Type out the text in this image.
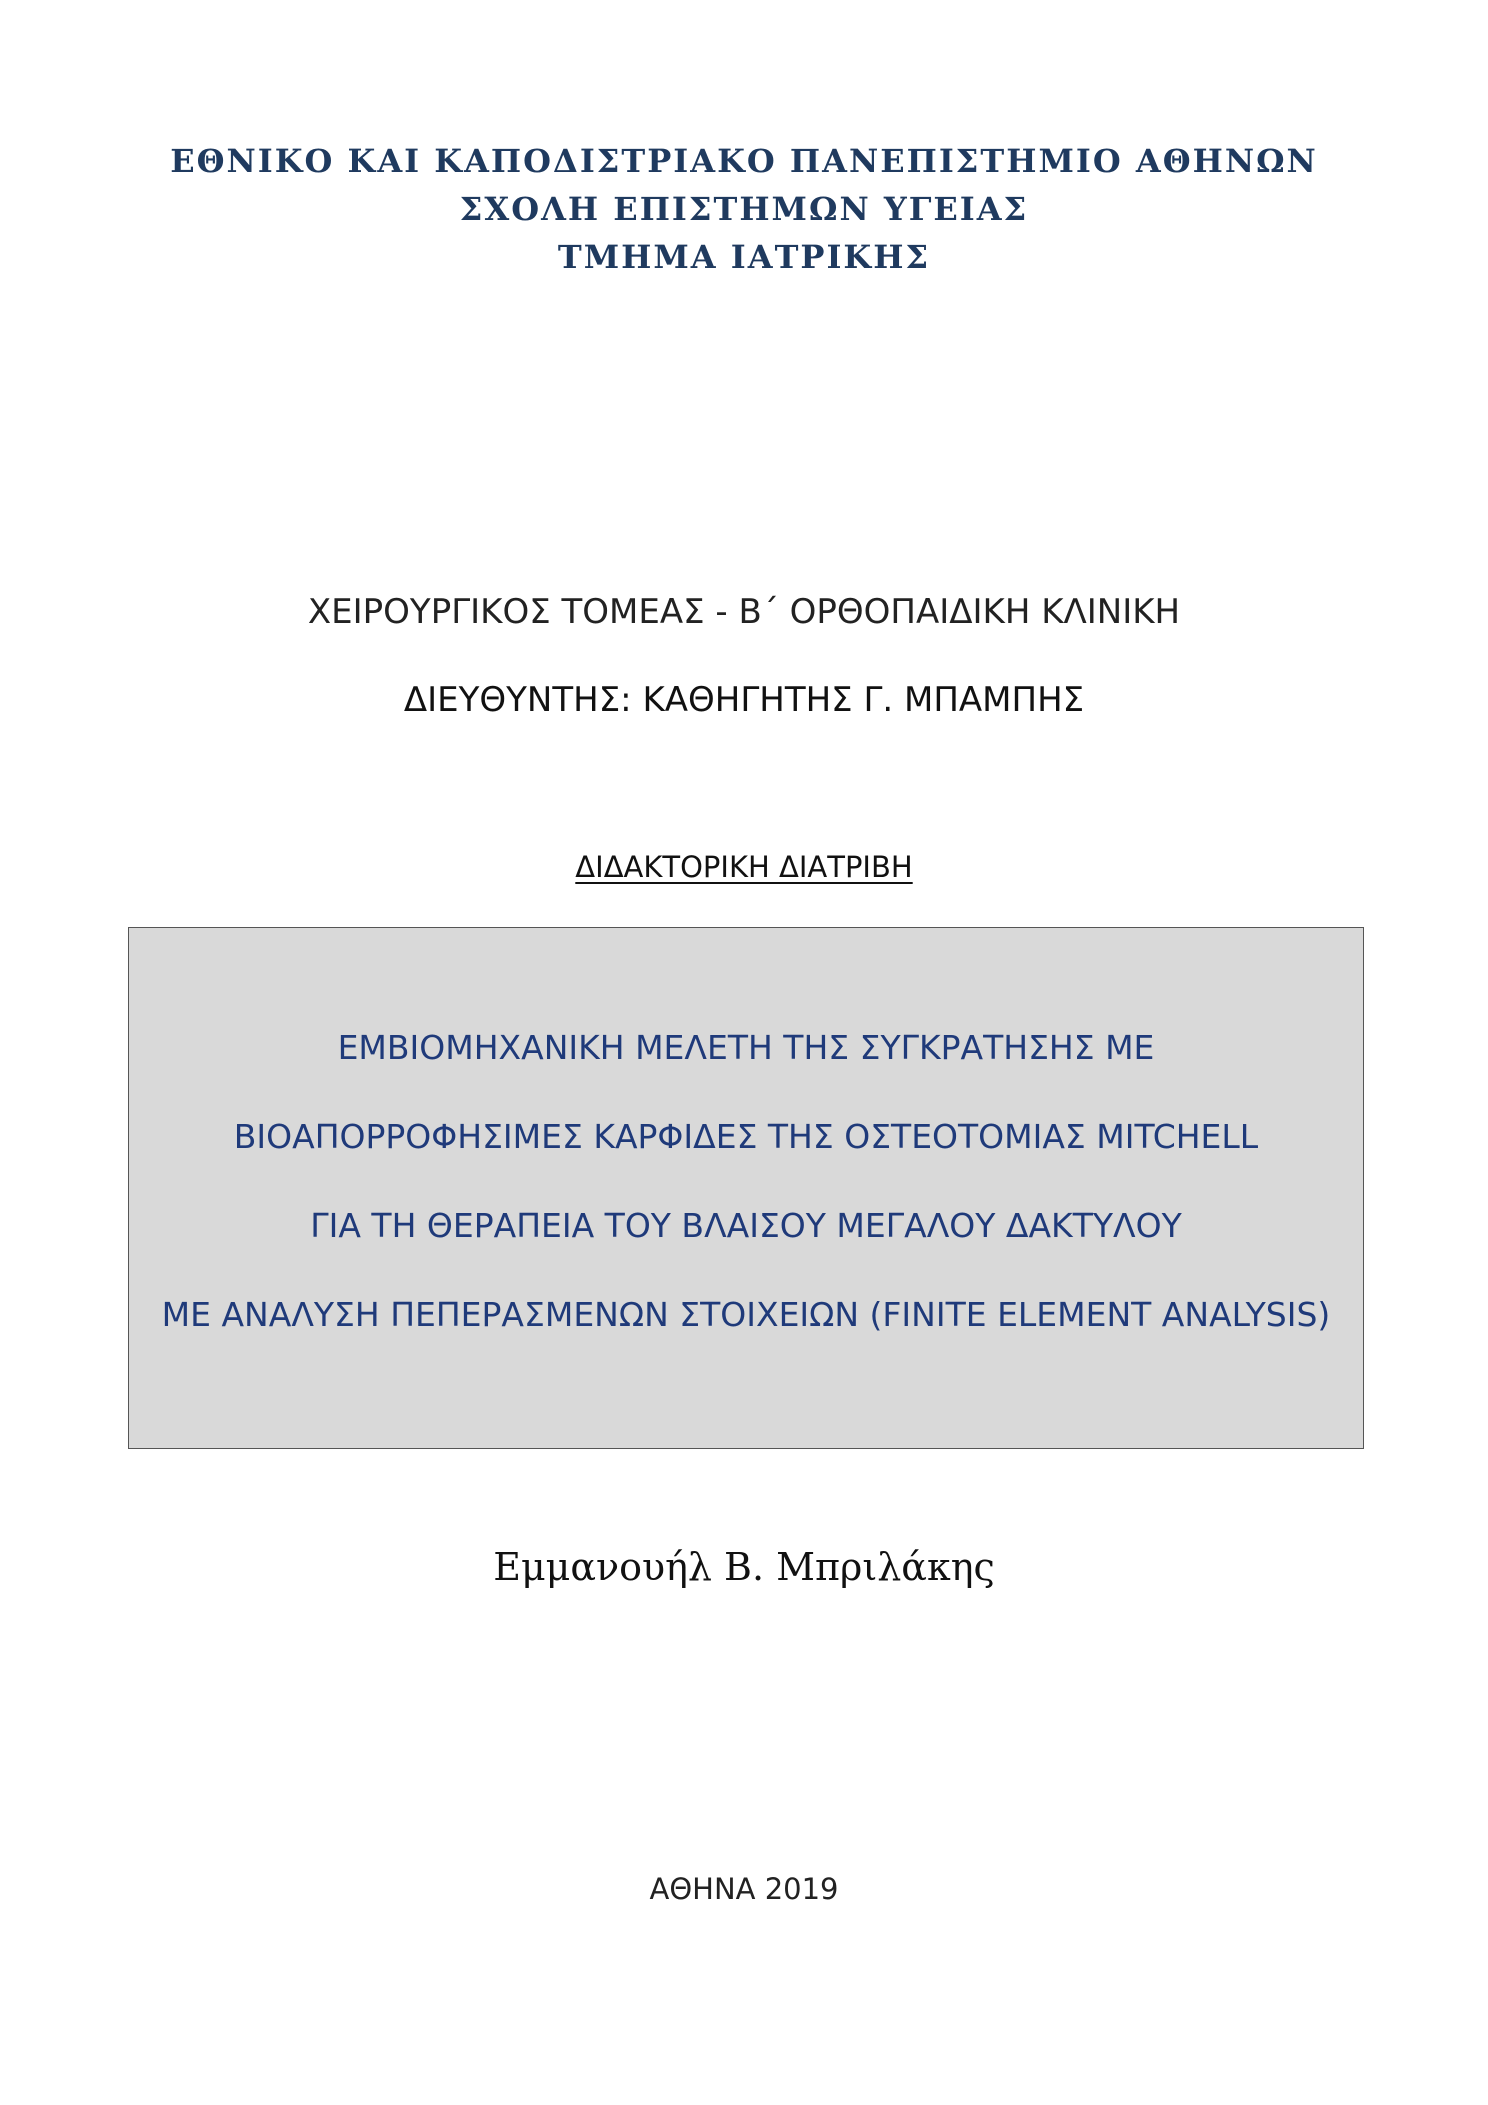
ΕΘΝΙΚΟ ΚΑΙ ΚΑΠΟΔΙΣΤΡΙΑΚΟ ΠΑΝΕΠΙΣΤΗΜΙΟ ΑΘΗΝΩΝ
ΣΧΟΛΗ ΕΠΙΣΤΗΜΩΝ ΥΓΕΙΑΣ
ΤΜΗΜΑ ΙΑΤΡΙΚΗΣ
ΧΕΙΡΟΥΡΓΙΚΟΣ ΤΟΜΕΑΣ - Β΄ ΟΡΘΟΠΑΙΔΙΚΗ ΚΛΙΝΙΚΗ
ΔΙΕΥΘΥΝΤΗΣ: ΚΑΘΗΓΗΤΗΣ Γ. ΜΠΑΜΠΗΣ
ΔΙΔΑΚΤΟΡΙΚΗ ΔΙΑΤΡΙΒΗ
ΕΜΒΙΟΜΗΧΑΝΙΚΗ ΜΕΛΕΤΗ ΤΗΣ ΣΥΓΚΡΑΤΗΣΗΣ ΜΕ
ΒΙΟΑΠΟΡΡΟΦΗΣΙΜΕΣ ΚΑΡΦΙΔΕΣ ΤΗΣ ΟΣΤΕΟΤΟΜΙΑΣ MITCHELL
ΓΙΑ ΤΗ ΘΕΡΑΠΕΙΑ ΤΟΥ ΒΛΑΙΣΟΥ ΜΕΓΑΛΟΥ ΔΑΚΤΥΛΟΥ
ΜΕ ΑΝΑΛΥΣΗ ΠΕΠΕΡΑΣΜΕΝΩΝ ΣΤΟΙΧΕΙΩΝ (FINITE ELEMENT ANALYSIS)
Εμμανουήλ Β. Μπριλάκης
ΑΘΗΝΑ 2019
